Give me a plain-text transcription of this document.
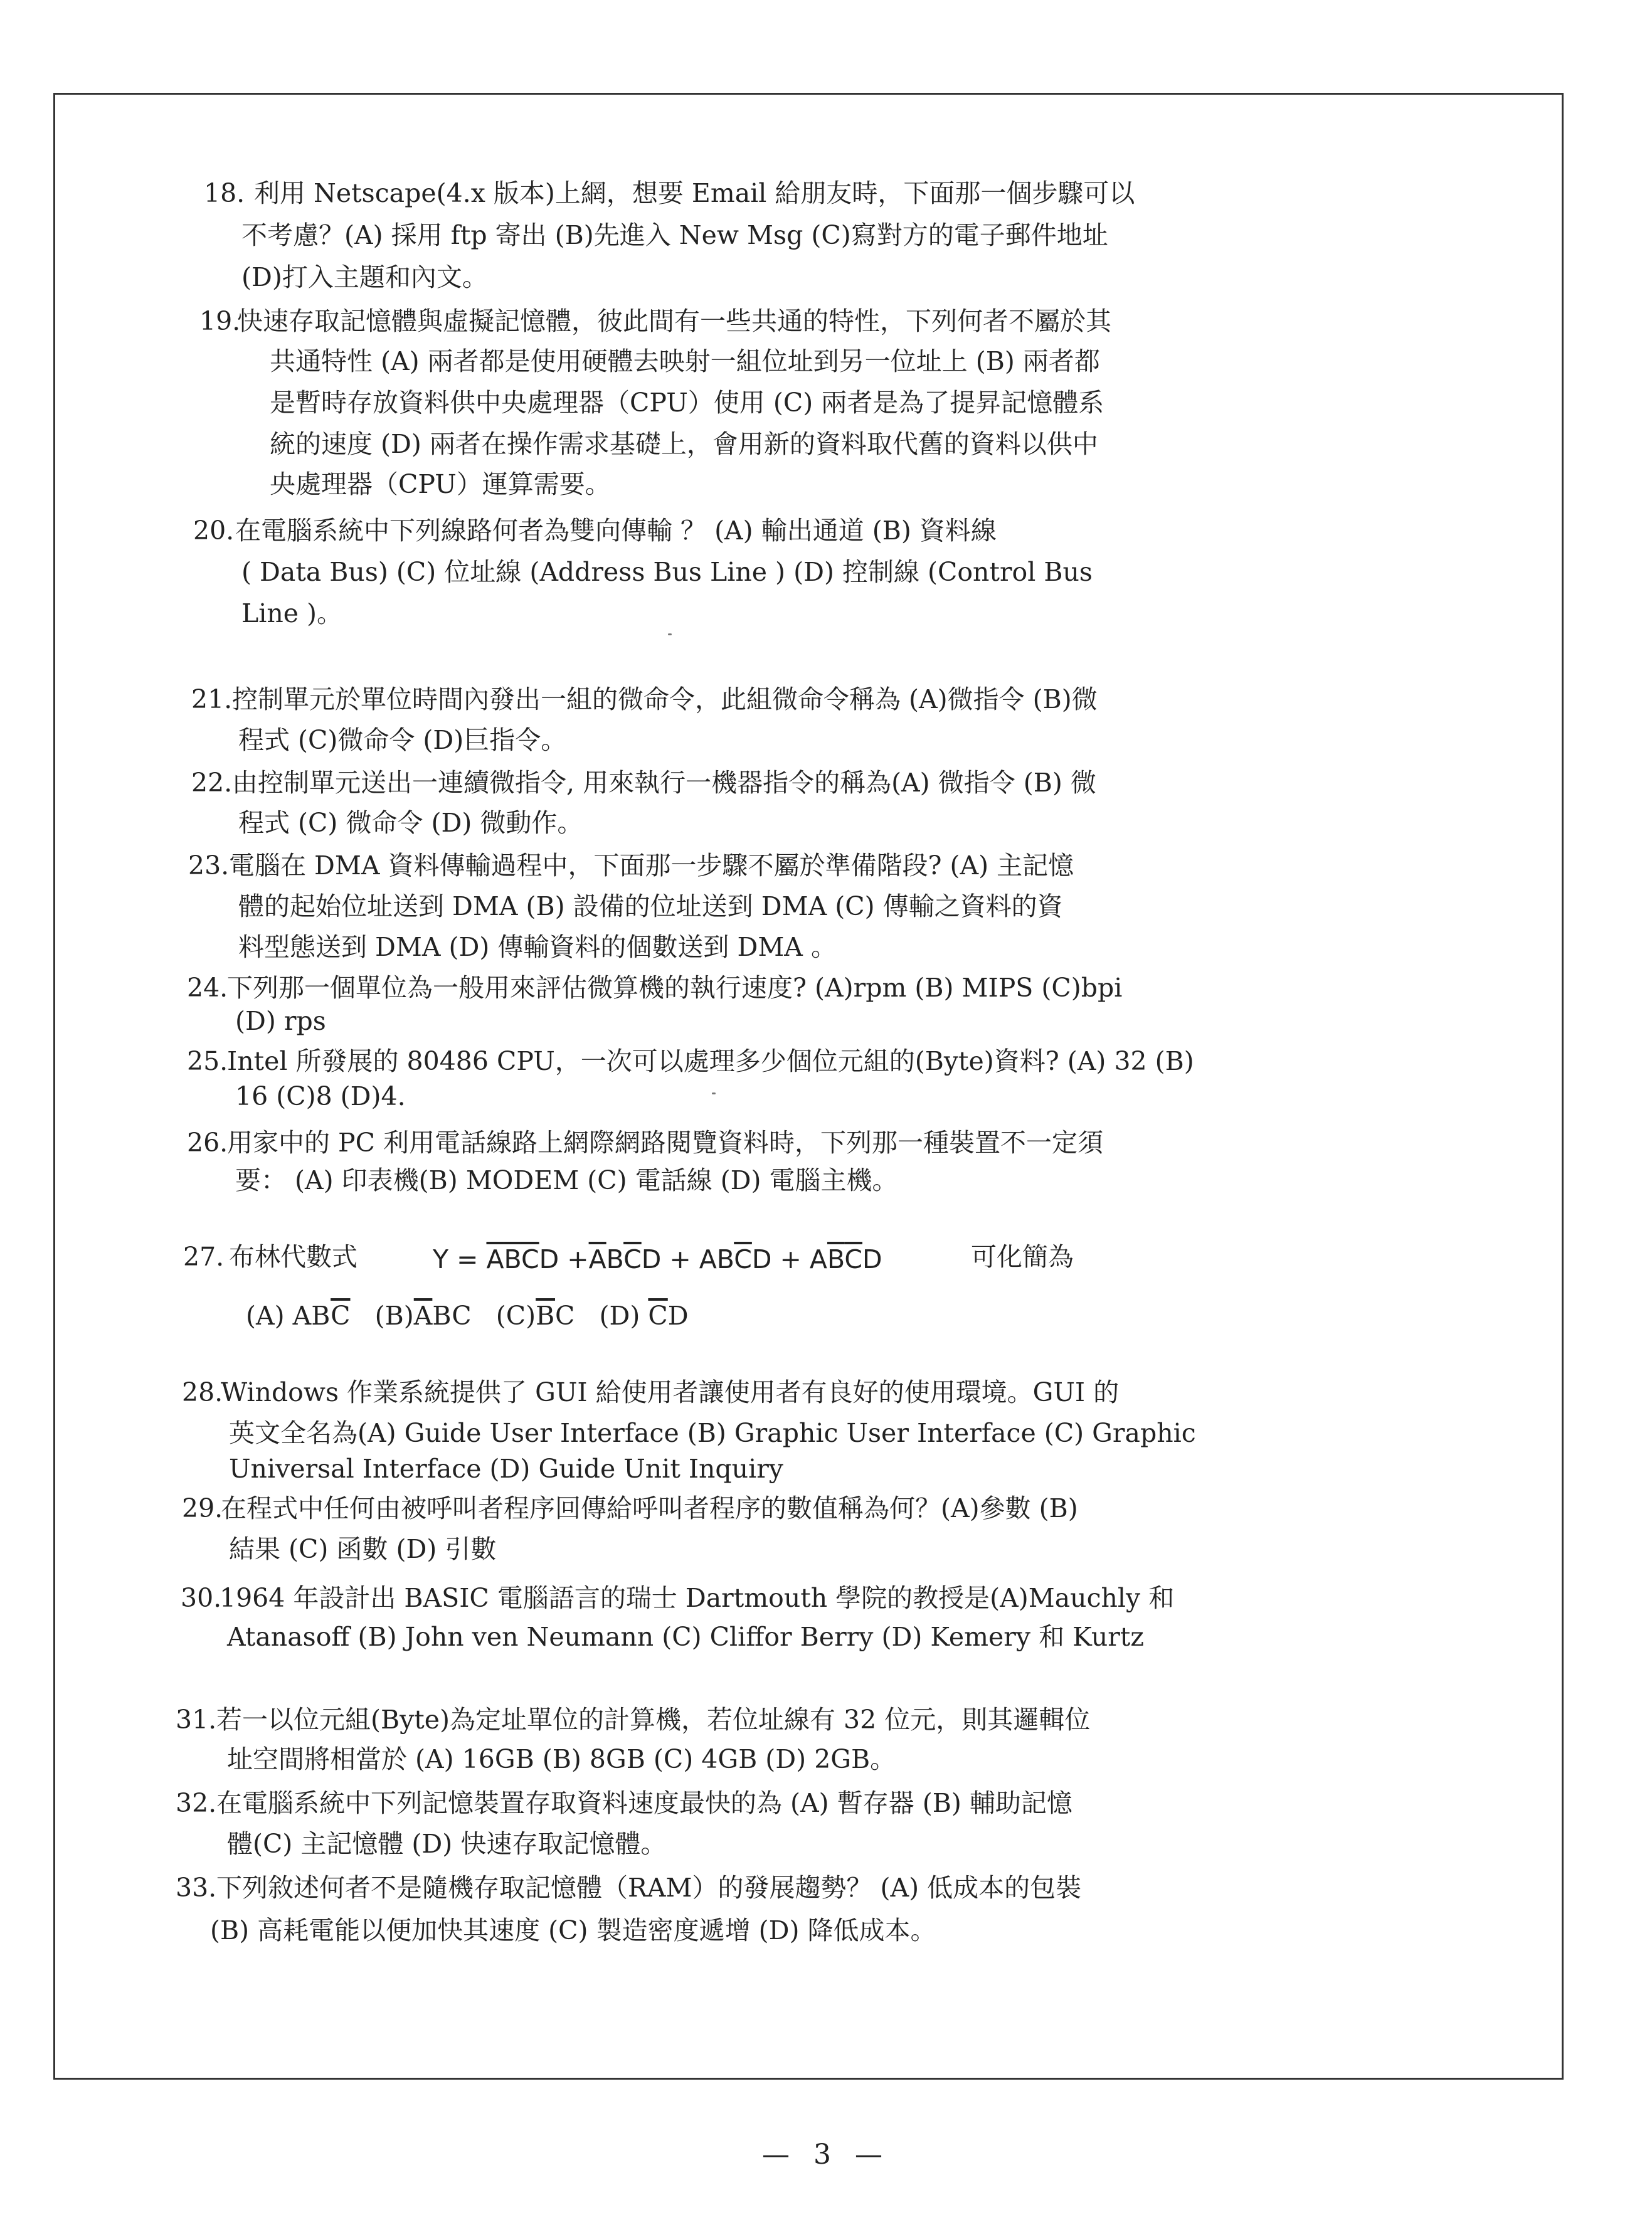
18. 利用 Netscape(4.x 版本)上網，想要 Email 給朋友時，下面那一個步驟可以
不考慮？(A) 採用 ftp 寄出 (B)先進入 New Msg (C)寫對方的電子郵件地址
(D)打入主題和內文。
19.
快速存取記憶體與虛擬記憶體，彼此間有一些共通的特性，下列何者不屬於其
共通特性 (A) 兩者都是使用硬體去映射一組位址到另一位址上 (B) 兩者都
是暫時存放資料供中央處理器（CPU）使用 (C) 兩者是為了提昇記憶體系
統的速度 (D) 兩者在操作需求基礎上，會用新的資料取代舊的資料以供中
央處理器（CPU）運算需要。
20. 在電腦系統中下列線路何者為雙向傳輸 ？ (A) 輸出通道 (B) 資料線
( Data Bus) (C) 位址線 (Address Bus Line ) (D) 控制線 (Control Bus
Line )。
21. 控制單元於單位時間內發出一組的微命令，此組微命令稱為 (A)微指令 (B)微
程式 (C)微命令 (D)巨指令。
22. 由控制單元送出一連續微指令, 用來執行一機器指令的稱為(A) 微指令 (B) 微
程式 (C) 微命令 (D) 微動作。
23. 電腦在 DMA 資料傳輸過程中，下面那一步驟不屬於準備階段? (A) 主記憶
體的起始位址送到 DMA (B) 設備的位址送到 DMA (C) 傳輸之資料的資
料型態送到 DMA (D) 傳輸資料的個數送到 DMA 。
24.
下列那一個單位為一般用來評估微算機的執行速度? (A)rpm (B) MIPS (C)bpi
(D) rps
25.
Intel 所發展的 80486 CPU，一次可以處理多少個位元組的(Byte)資料? (A) 32 (B)
16 (C)8 (D)4.
26.
用家中的 PC 利用電話線路上網際網路閱覽資料時，下列那一種裝置不一定須
要： (A) 印表機(B) MODEM (C) 電話線 (D) 電腦主機。
27. 布林代數式	$Y = \overline{A}\overline{B}\overline{C}D +\overline{A}B\overline{C}D + AB\overline{C}D + A\overline{B}\overline{C}D$	可化簡為
(A) $AB\overline{C}$ $(B)\overline{A}BC$ $(C)\overline{B}C$ (D) $\overline{C}D$
28.
Windows 作業系統提供了 GUI 給使用者讓使用者有良好的使用環境。GUI 的
英文全名為(A) Guide User Interface (B) Graphic User Interface (C) Graphic
Universal Interface (D) Guide Unit Inquiry
29.
在程式中任何由被呼叫者程序回傳給呼叫者程序的數值稱為何？(A)參數 (B)
結果 (C) 函數 (D) 引數
30.
1964 年設計出 BASIC 電腦語言的瑞士 Dartmouth 學院的教授是(A)Mauchly 和
Atanasoff (B) John ven Neumann (C) Cliffor Berry (D) Kemery 和 Kurtz
31. 若一以位元組(Byte)為定址單位的計算機，若位址線有 32 位元，則其邏輯位
址空間將相當於 (A) 16GB (B) 8GB (C) 4GB (D) 2GB。
32. 在電腦系統中下列記憶裝置存取資料速度最快的為 (A) 暫存器 (B) 輔助記憶
體(C) 主記憶體 (D) 快速存取記憶體。
33. 下列敘述何者不是隨機存取記憶體（RAM）的發展趨勢？ (A) 低成本的包裝
(B) 高耗電能以便加快其速度 (C) 製造密度遞增 (D) 降低成本。
— 3 —
